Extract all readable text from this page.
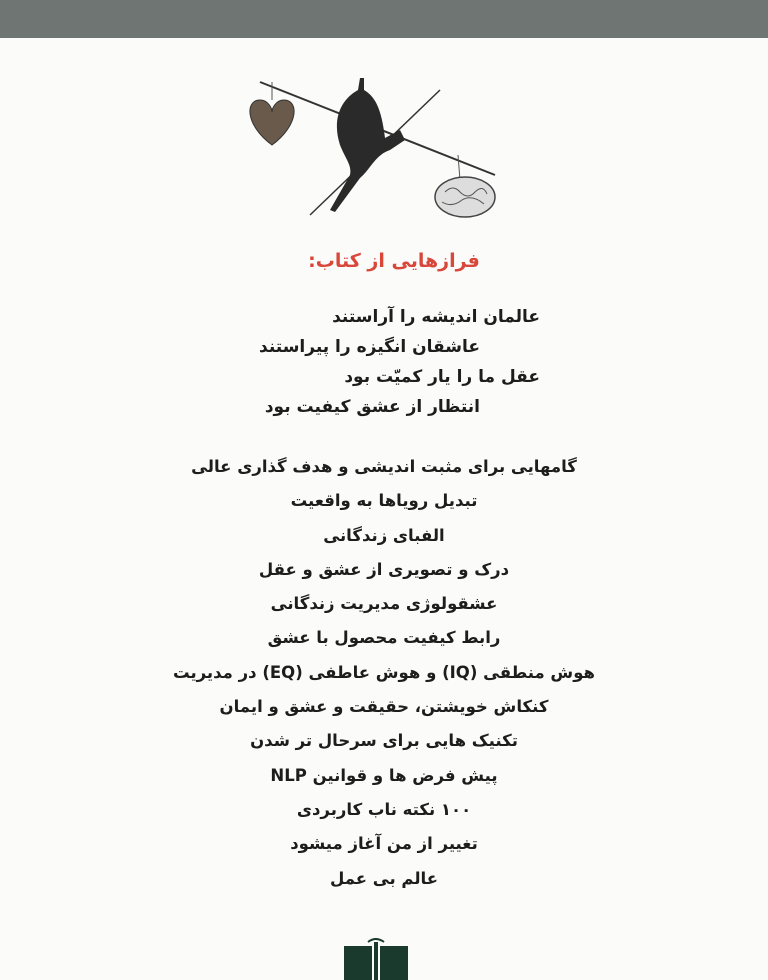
فرازهایی از کتاب:
عالمان اندیشه را آراستند
عاشقان انگیزه را پیراستند
عقل ما را یار کمیّت بود
انتظار از عشق کیفیت بود
گامهایی برای مثبت اندیشی و هدف گذاری عالی
تبدیل رویاها به واقعیت
الفبای زندگانی
درک و تصویری از عشق و عقل
عشقولوژی مدیریت زندگانی
رابط کیفیت محصول با عشق
هوش منطقی (IQ) و هوش عاطفی (EQ) در مدیریت
کنکاش خویشتن، حقیقت و عشق و ایمان
تکنیک هایی برای سرحال تر شدن
پیش فرض ها و قوانین NLP
۱۰۰ نکته ناب کاربردی
تغییر از من آغاز میشود
عالم بی عمل
